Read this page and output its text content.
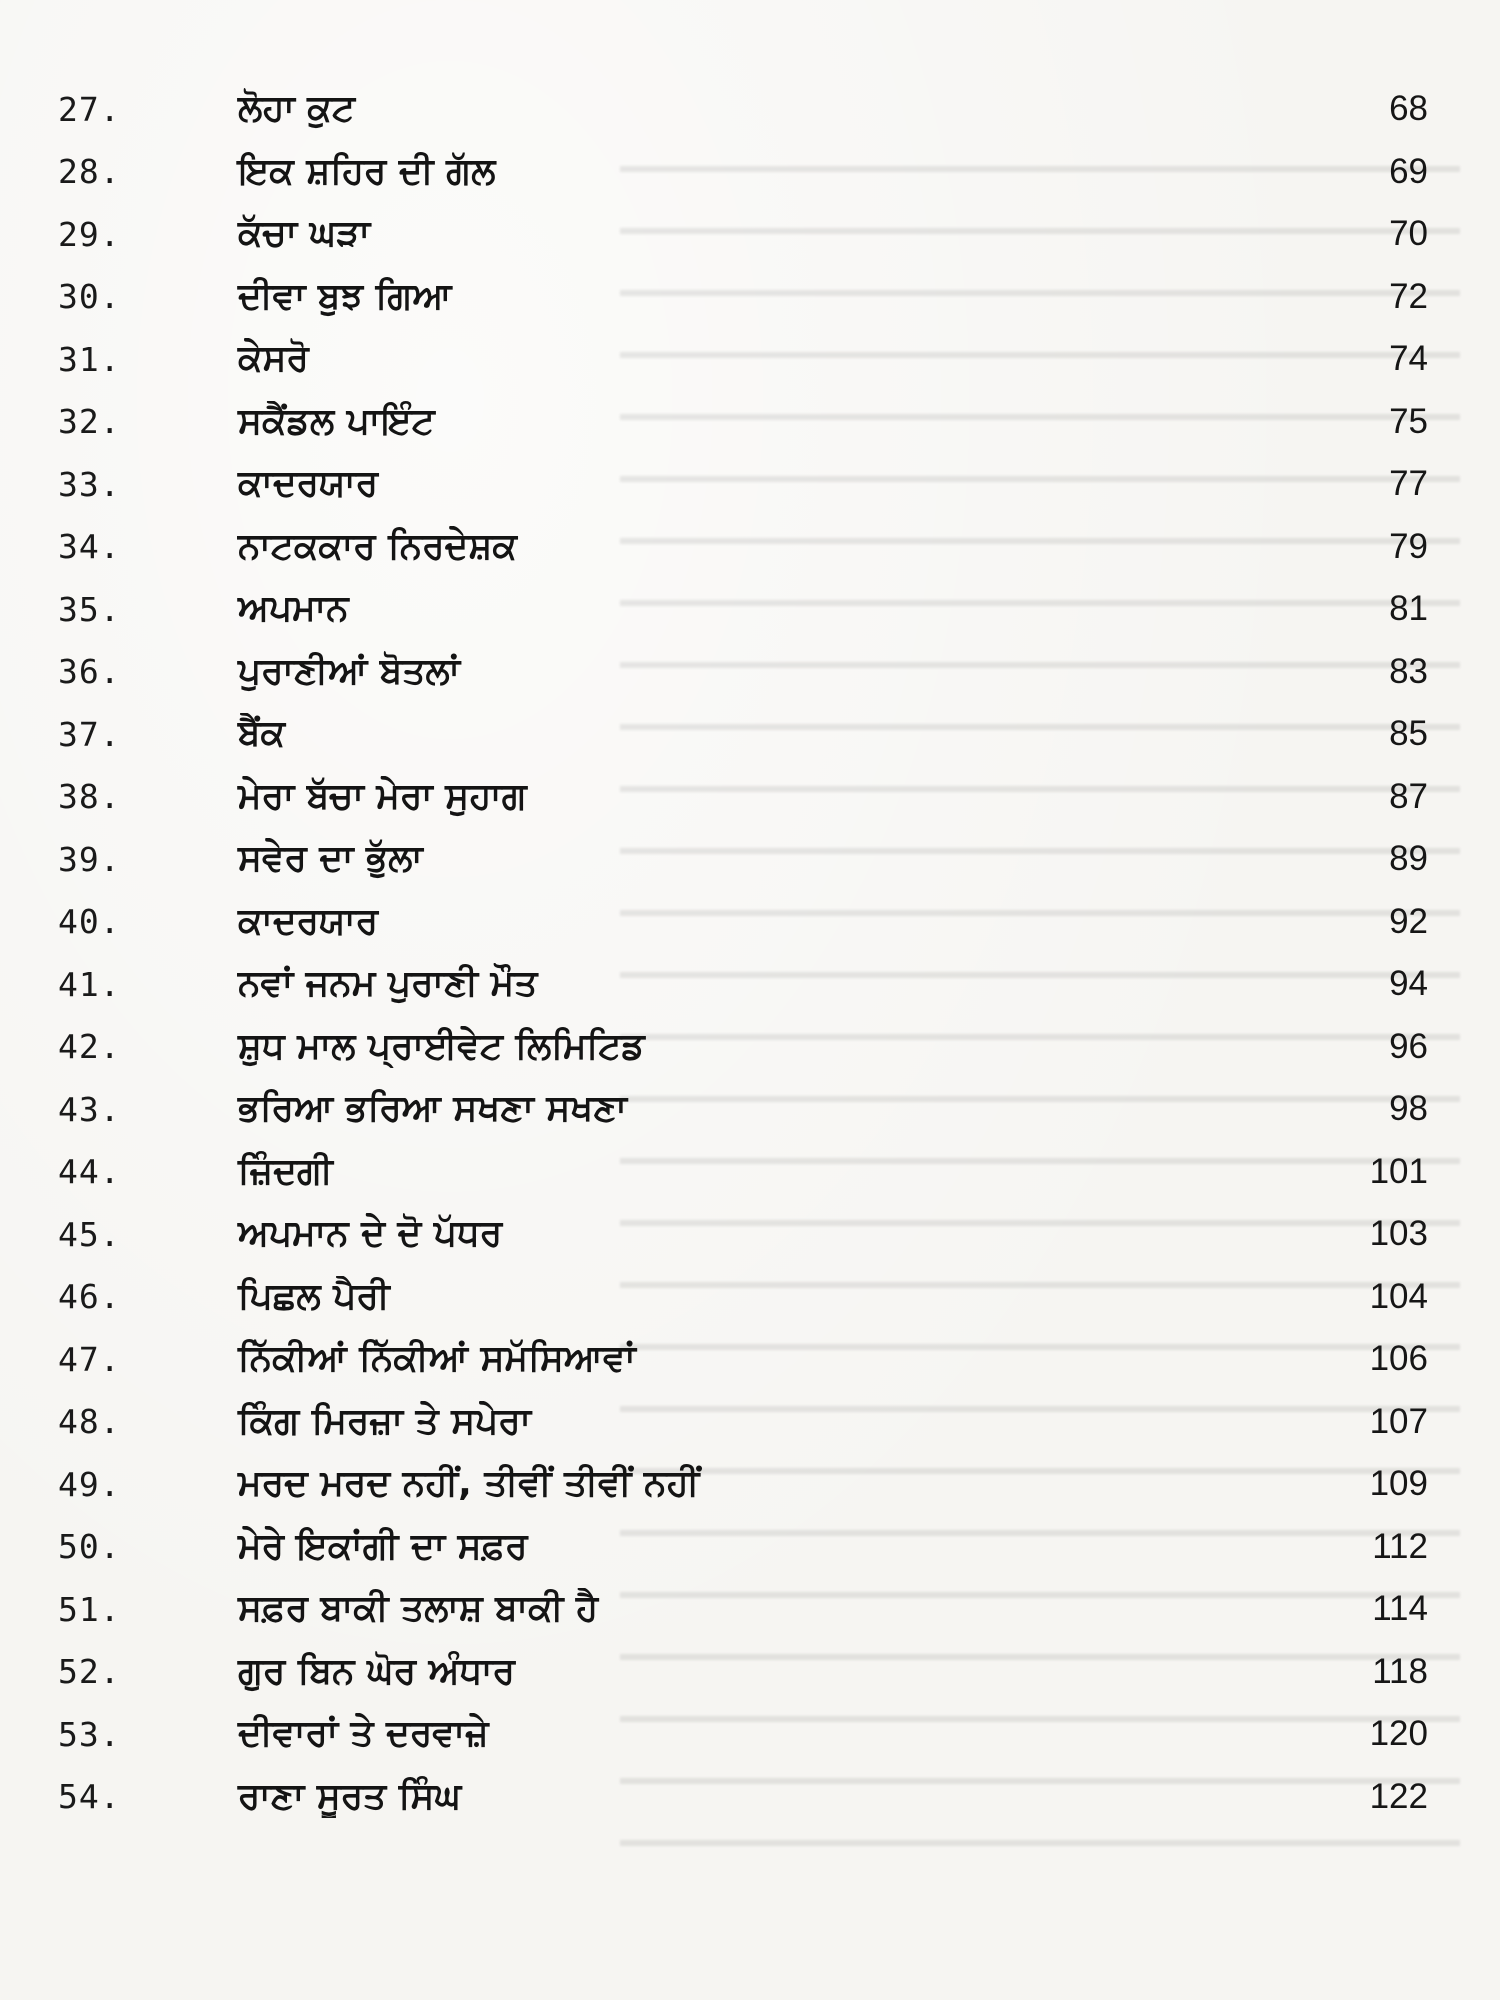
27.	ਲੋਹਾ ਕੁਟ	68
28.	ਇਕ ਸ਼ਹਿਰ ਦੀ ਗੱਲ	69
29.	ਕੱਚਾ ਘੜਾ	70
30.	ਦੀਵਾ ਬੁਝ ਗਿਆ	72
31.	ਕੇਸਰੋ	74
32.	ਸਕੈਂਡਲ ਪਾਇੰਟ	75
33.	ਕਾਦਰਯਾਰ	77
34.	ਨਾਟਕਕਾਰ ਨਿਰਦੇਸ਼ਕ	79
35.	ਅਪਮਾਨ	81
36.	ਪੁਰਾਣੀਆਂ ਬੋਤਲਾਂ	83
37.	ਬੈਂਕ	85
38.	ਮੇਰਾ ਬੱਚਾ ਮੇਰਾ ਸੁਹਾਗ	87
39.	ਸਵੇਰ ਦਾ ਭੁੱਲਾ	89
40.	ਕਾਦਰਯਾਰ	92
41.	ਨਵਾਂ ਜਨਮ ਪੁਰਾਣੀ ਮੌਤ	94
42.	ਸ਼ੁਧ ਮਾਲ ਪ੍ਰਾਈਵੇਟ ਲਿਮਿਟਿਡ	96
43.	ਭਰਿਆ ਭਰਿਆ ਸਖਣਾ ਸਖਣਾ	98
44.	ਜ਼ਿੰਦਗੀ	101
45.	ਅਪਮਾਨ ਦੇ ਦੋ ਪੱਧਰ	103
46.	ਪਿਛਲ ਪੈਰੀ	104
47.	ਨਿੱਕੀਆਂ ਨਿੱਕੀਆਂ ਸਮੱਸਿਆਵਾਂ	106
48.	ਕਿੰਗ ਮਿਰਜ਼ਾ ਤੇ ਸਪੇਰਾ	107
49.	ਮਰਦ ਮਰਦ ਨਹੀਂ, ਤੀਵੀਂ ਤੀਵੀਂ ਨਹੀਂ	109
50.	ਮੇਰੇ ਇਕਾਂਗੀ ਦਾ ਸਫ਼ਰ	112
51.	ਸਫ਼ਰ ਬਾਕੀ ਤਲਾਸ਼ ਬਾਕੀ ਹੈ	114
52.	ਗੁਰ ਬਿਨ ਘੋਰ ਅੰਧਾਰ	118
53.	ਦੀਵਾਰਾਂ ਤੇ ਦਰਵਾਜ਼ੇ	120
54.	ਰਾਣਾ ਸੂਰਤ ਸਿੰਘ	122
